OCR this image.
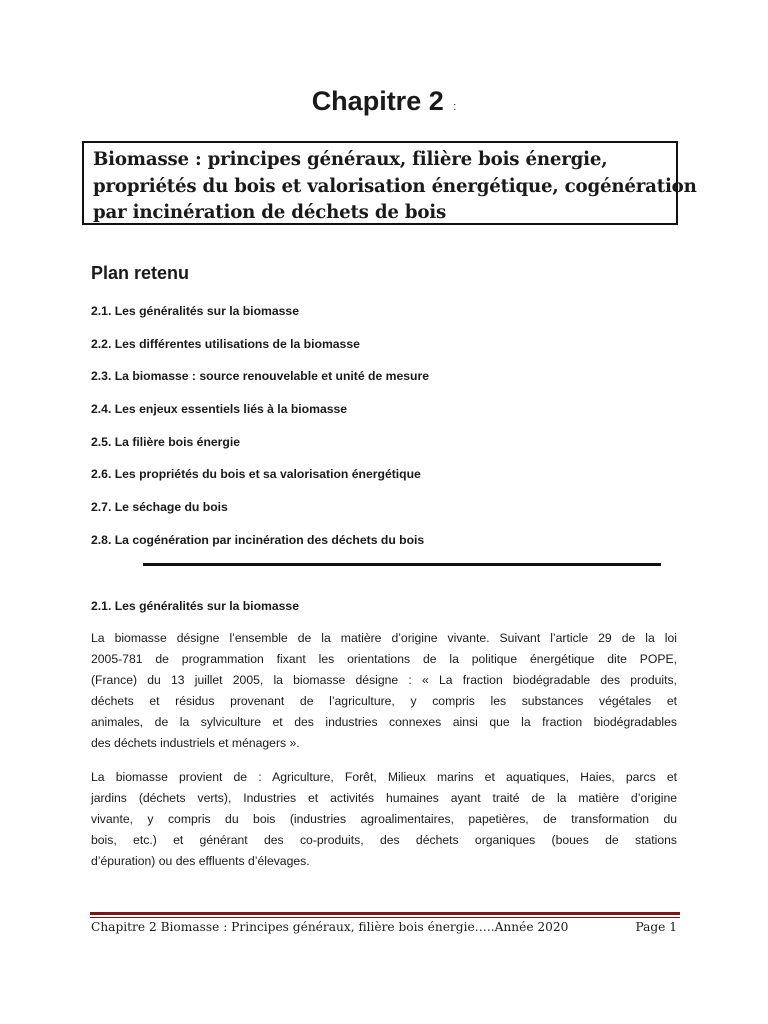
Chapitre 2 :
Biomasse : principes généraux, filière bois énergie,
propriétés du bois et valorisation énergétique, cogénération
par incinération de déchets de bois
Plan retenu
2.1. Les généralités sur la biomasse
2.2. Les différentes utilisations de la biomasse
2.3. La biomasse : source renouvelable et unité de mesure
2.4. Les enjeux essentiels liés à la biomasse
2.5. La filière bois énergie
2.6. Les propriétés du bois et sa valorisation énergétique
2.7. Le séchage du bois
2.8. La cogénération par incinération des déchets du bois
2.1. Les généralités sur la biomasse
La biomasse désigne l’ensemble de la matière d’origine vivante. Suivant l’article 29 de la loi
2005-781 de programmation fixant les orientations de la politique énergétique dite POPE,
(France) du 13 juillet 2005, la biomasse désigne : « La fraction biodégradable des produits,
déchets et résidus provenant de l’agriculture, y compris les substances végétales et
animales, de la sylviculture et des industries connexes ainsi que la fraction biodégradables
des déchets industriels et ménagers ».
La biomasse provient de : Agriculture, Forêt, Milieux marins et aquatiques, Haies, parcs et
jardins (déchets verts), Industries et activités humaines ayant traité de la matière d’origine
vivante, y compris du bois (industries agroalimentaires, papetières, de transformation du
bois, etc.) et générant des co-produits, des déchets organiques (boues de stations
d’épuration) ou des effluents d’élevages.
Chapitre 2 Biomasse : Principes généraux, filière bois énergie…..Année 2020	Page 1
